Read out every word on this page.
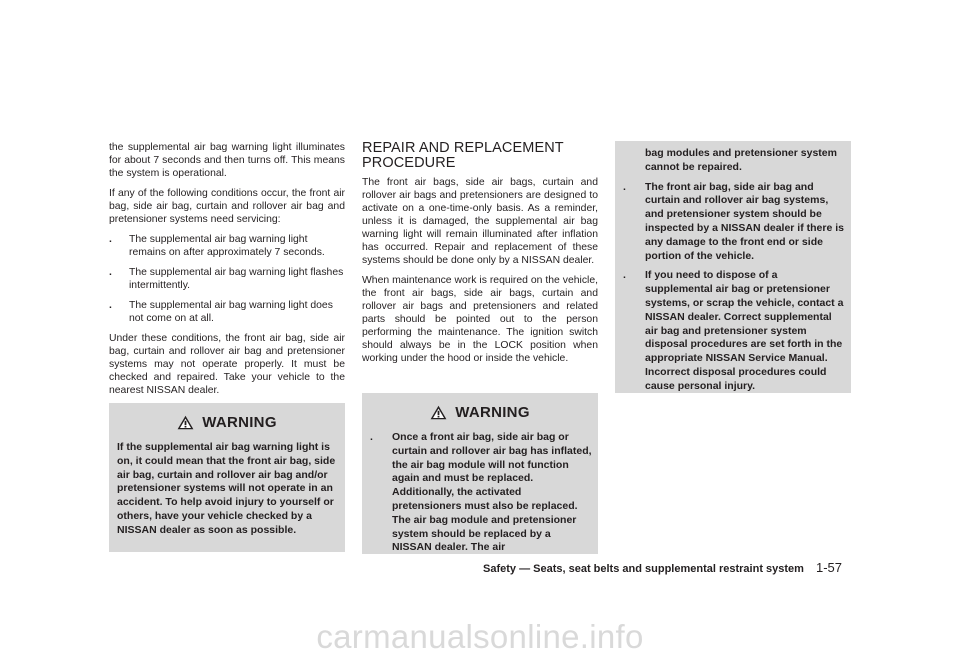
the supplemental air bag warning light illuminates for about 7 seconds and then turns off. This means the system is operational.

If any of the following conditions occur, the front air bag, side air bag, curtain and rollover air bag and pretensioner systems need servicing:

. The supplemental air bag warning light remains on after approximately 7 seconds.
. The supplemental air bag warning light flashes intermittently.
. The supplemental air bag warning light does not come on at all.

Under these conditions, the front air bag, side air bag, curtain and rollover air bag and pretensioner systems may not operate properly. It must be checked and repaired. Take your vehicle to the nearest NISSAN dealer.

WARNING
If the supplemental air bag warning light is on, it could mean that the front air bag, side air bag, curtain and rollover air bag and/or pretensioner systems will not operate in an accident. To help avoid injury to yourself or others, have your vehicle checked by a NISSAN dealer as soon as possible.
REPAIR AND REPLACEMENT PROCEDURE

The front air bags, side air bags, curtain and rollover air bags and pretensioners are designed to activate on a one-time-only basis. As a reminder, unless it is damaged, the supplemental air bag warning light will remain illuminated after inflation has occurred. Repair and replacement of these systems should be done only by a NISSAN dealer.

When maintenance work is required on the vehicle, the front air bags, side air bags, curtain and rollover air bags and pretensioners and related parts should be pointed out to the person performing the maintenance. The ignition switch should always be in the LOCK position when working under the hood or inside the vehicle.

WARNING
. Once a front air bag, side air bag or curtain and rollover air bag has inflated, the air bag module will not function again and must be replaced. Additionally, the activated pretensioners must also be replaced. The air bag module and pretensioner system should be replaced by a NISSAN dealer. The air
bag modules and pretensioner system cannot be repaired.
. The front air bag, side air bag and curtain and rollover air bag systems, and pretensioner system should be inspected by a NISSAN dealer if there is any damage to the front end or side portion of the vehicle.
. If you need to dispose of a supplemental air bag or pretensioner systems, or scrap the vehicle, contact a NISSAN dealer. Correct supplemental air bag and pretensioner system disposal procedures are set forth in the appropriate NISSAN Service Manual. Incorrect disposal procedures could cause personal injury.
Safety — Seats, seat belts and supplemental restraint system 1-57
carmanualsonline.info
